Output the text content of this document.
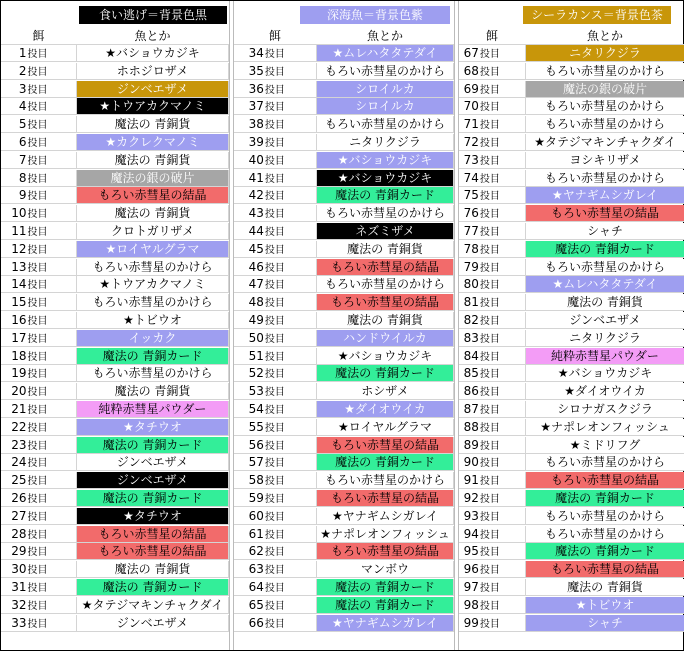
食い逃げ＝背景色黒
餌	魚とか
1投目	★バショウカジキ
2投目	ホホジロザメ
3投目	ジンベエザメ
4投目	★トウアカクマノミ
5投目	魔法の 青銅貨
6投目	★カクレクマノミ
7投目	魔法の 青銅貨
8投目	魔法の銀の破片
9投目	もろい赤彗星の結晶
10投目	魔法の 青銅貨
11投目	クロトガリザメ
12投目	★ロイヤルグラマ
13投目	もろい赤彗星のかけら
14投目	★トウアカクマノミ
15投目	もろい赤彗星のかけら
16投目	★トビウオ
17投目	イッカク
18投目	魔法の 青銅カード
19投目	もろい赤彗星のかけら
20投目	魔法の 青銅貨
21投目	純粋赤彗星パウダー
22投目	★タチウオ
23投目	魔法の 青銅カード
24投目	ジンベエザメ
25投目	ジンベエザメ
26投目	魔法の 青銅カード
27投目	★タチウオ
28投目	もろい赤彗星の結晶
29投目	もろい赤彗星の結晶
30投目	魔法の 青銅貨
31投目	魔法の 青銅カード
32投目	★タテジマキンチャクダイ
33投目	ジンベエザメ
深海魚＝背景色紫
餌	魚とか
34投目	★ムレハタタテダイ
35投目	もろい赤彗星のかけら
36投目	シロイルカ
37投目	シロイルカ
38投目	もろい赤彗星のかけら
39投目	ニタリクジラ
40投目	★バショウカジキ
41投目	★バショウカジキ
42投目	魔法の 青銅カード
43投目	もろい赤彗星のかけら
44投目	ネズミザメ
45投目	魔法の 青銅貨
46投目	もろい赤彗星の結晶
47投目	もろい赤彗星のかけら
48投目	もろい赤彗星の結晶
49投目	魔法の 青銅貨
50投目	ハンドウイルカ
51投目	★バショウカジキ
52投目	魔法の 青銅カード
53投目	ホシザメ
54投目	★ダイオウイカ
55投目	★ロイヤルグラマ
56投目	もろい赤彗星の結晶
57投目	魔法の 青銅カード
58投目	もろい赤彗星のかけら
59投目	もろい赤彗星の結晶
60投目	★ヤナギムシガレイ
61投目	★ナポレオンフィッシュ
62投目	もろい赤彗星の結晶
63投目	マンボウ
64投目	魔法の 青銅カード
65投目	魔法の 青銅カード
66投目	★ヤナギムシガレイ
シーラカンス＝背景色茶
餌	魚とか
67投目	ニタリクジラ
68投目	もろい赤彗星のかけら
69投目	魔法の銀の破片
70投目	もろい赤彗星のかけら
71投目	もろい赤彗星のかけら
72投目	★タテジマキンチャクダイ
73投目	ヨシキリザメ
74投目	もろい赤彗星のかけら
75投目	★ヤナギムシガレイ
76投目	もろい赤彗星の結晶
77投目	シャチ
78投目	魔法の 青銅カード
79投目	もろい赤彗星のかけら
80投目	★ムレハタタテダイ
81投目	魔法の 青銅貨
82投目	ジンベエザメ
83投目	ニタリクジラ
84投目	純粋赤彗星パウダー
85投目	★バショウカジキ
86投目	★ダイオウイカ
87投目	シロナガスクジラ
88投目	★ナポレオンフィッシュ
89投目	★ミドリフグ
90投目	もろい赤彗星のかけら
91投目	もろい赤彗星の結晶
92投目	魔法の 青銅カード
93投目	もろい赤彗星のかけら
94投目	もろい赤彗星のかけら
95投目	魔法の 青銅カード
96投目	もろい赤彗星の結晶
97投目	魔法の 青銅貨
98投目	★トビウオ
99投目	シャチ
